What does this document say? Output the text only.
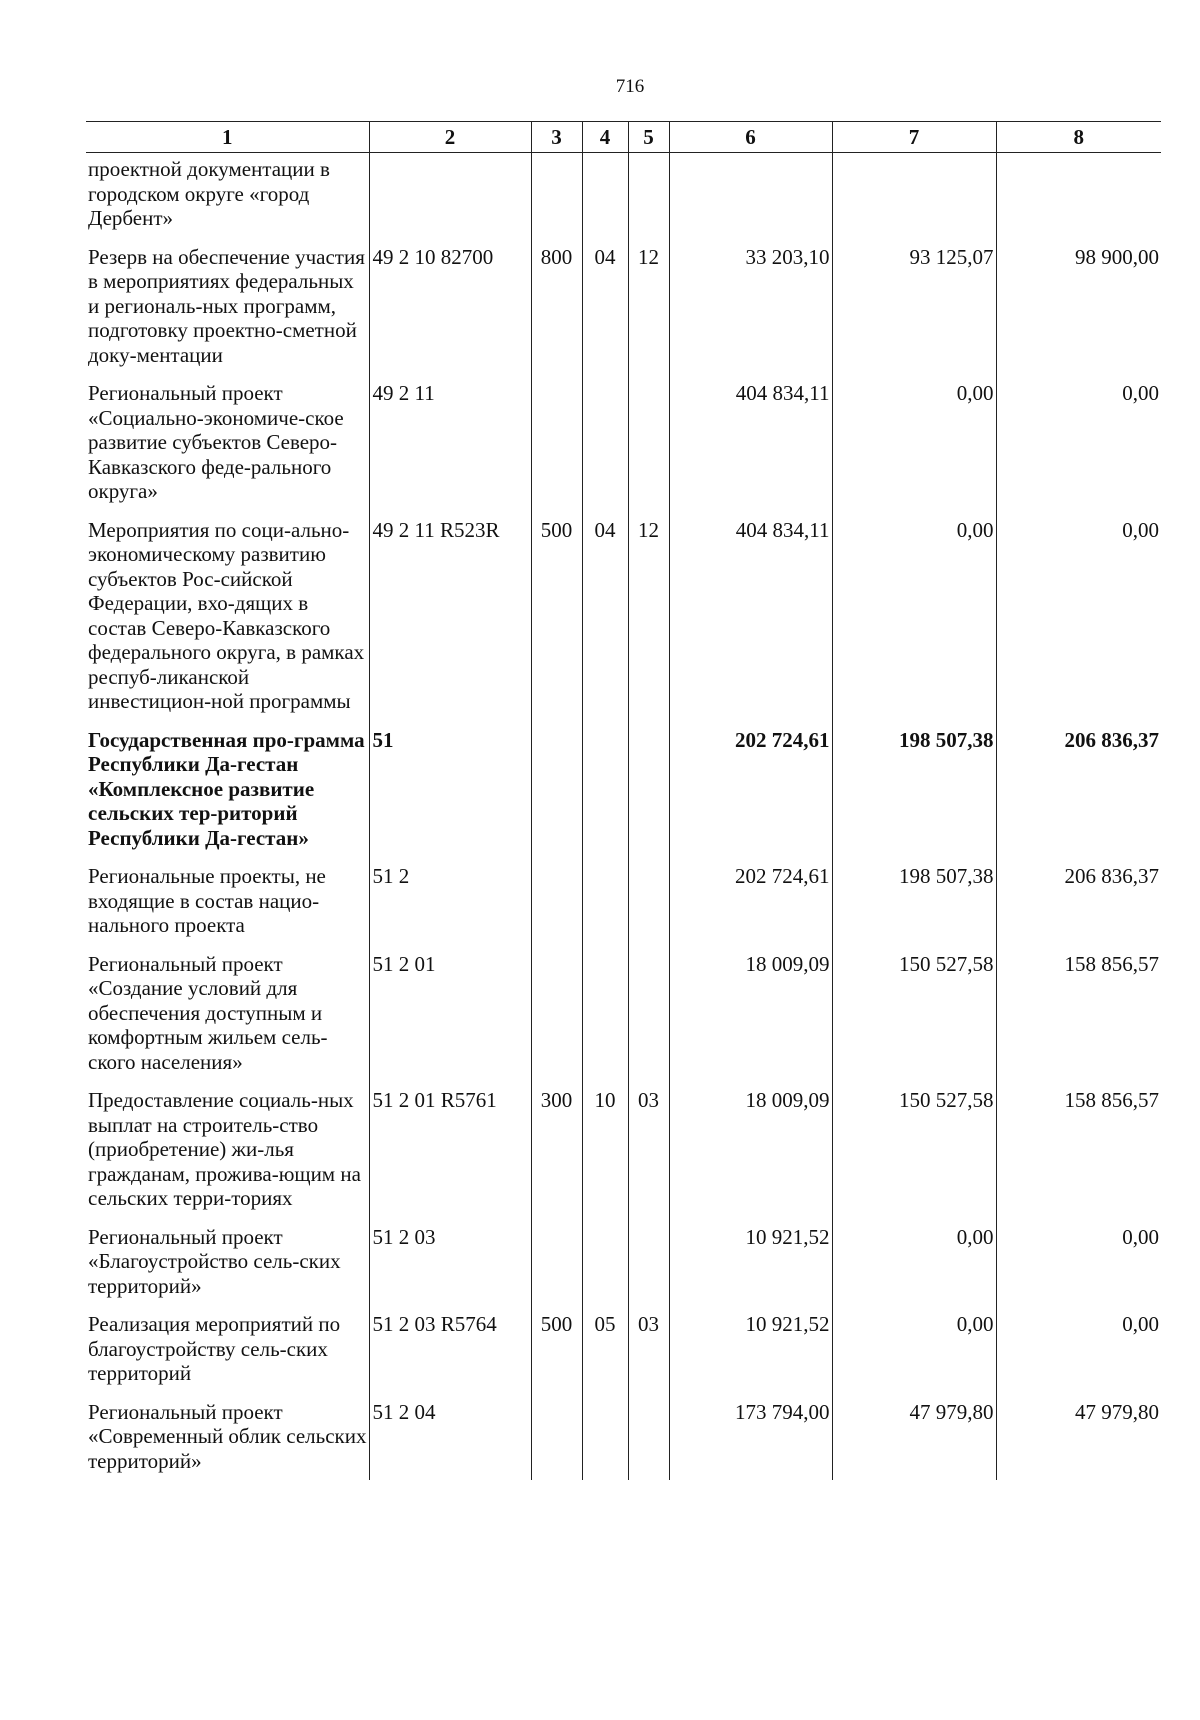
716
1	2	3	4	5	6	7	8
проектной документации в городском округе «город Дербент»							
Резерв на обеспечение участия в мероприятиях федеральных и региональ-ных программ, подготовку проектно-сметной доку-ментации	49 2 10 82700	800	04	12	33 203,10	93 125,07	98 900,00
Региональный проект «Социально-экономиче-ское развитие субъектов Северо-Кавказского феде-рального округа»	49 2 11				404 834,11	0,00	0,00
Мероприятия по соци-ально-экономическому развитию субъектов Рос-сийской Федерации, вхо-дящих в состав Северо-Кавказского федерального округа, в рамках респуб-ликанской инвестицион-ной программы	49 2 11 R523R	500	04	12	404 834,11	0,00	0,00
Государственная про-грамма Республики Да-гестан «Комплексное развитие сельских тер-риторий Республики Да-гестан»	51				202 724,61	198 507,38	206 836,37
Региональные проекты, не входящие в состав нацио-нального проекта	51 2				202 724,61	198 507,38	206 836,37
Региональный проект «Создание условий для обеспечения доступным и комфортным жильем сель-ского населения»	51 2 01				18 009,09	150 527,58	158 856,57
Предоставление социаль-ных выплат на строитель-ство (приобретение) жи-лья гражданам, прожива-ющим на сельских терри-ториях	51 2 01 R5761	300	10	03	18 009,09	150 527,58	158 856,57
Региональный проект «Благоустройство сель-ских территорий»	51 2 03				10 921,52	0,00	0,00
Реализация мероприятий по благоустройству сель-ских территорий	51 2 03 R5764	500	05	03	10 921,52	0,00	0,00
Региональный проект «Современный облик сельских территорий»	51 2 04				173 794,00	47 979,80	47 979,80
